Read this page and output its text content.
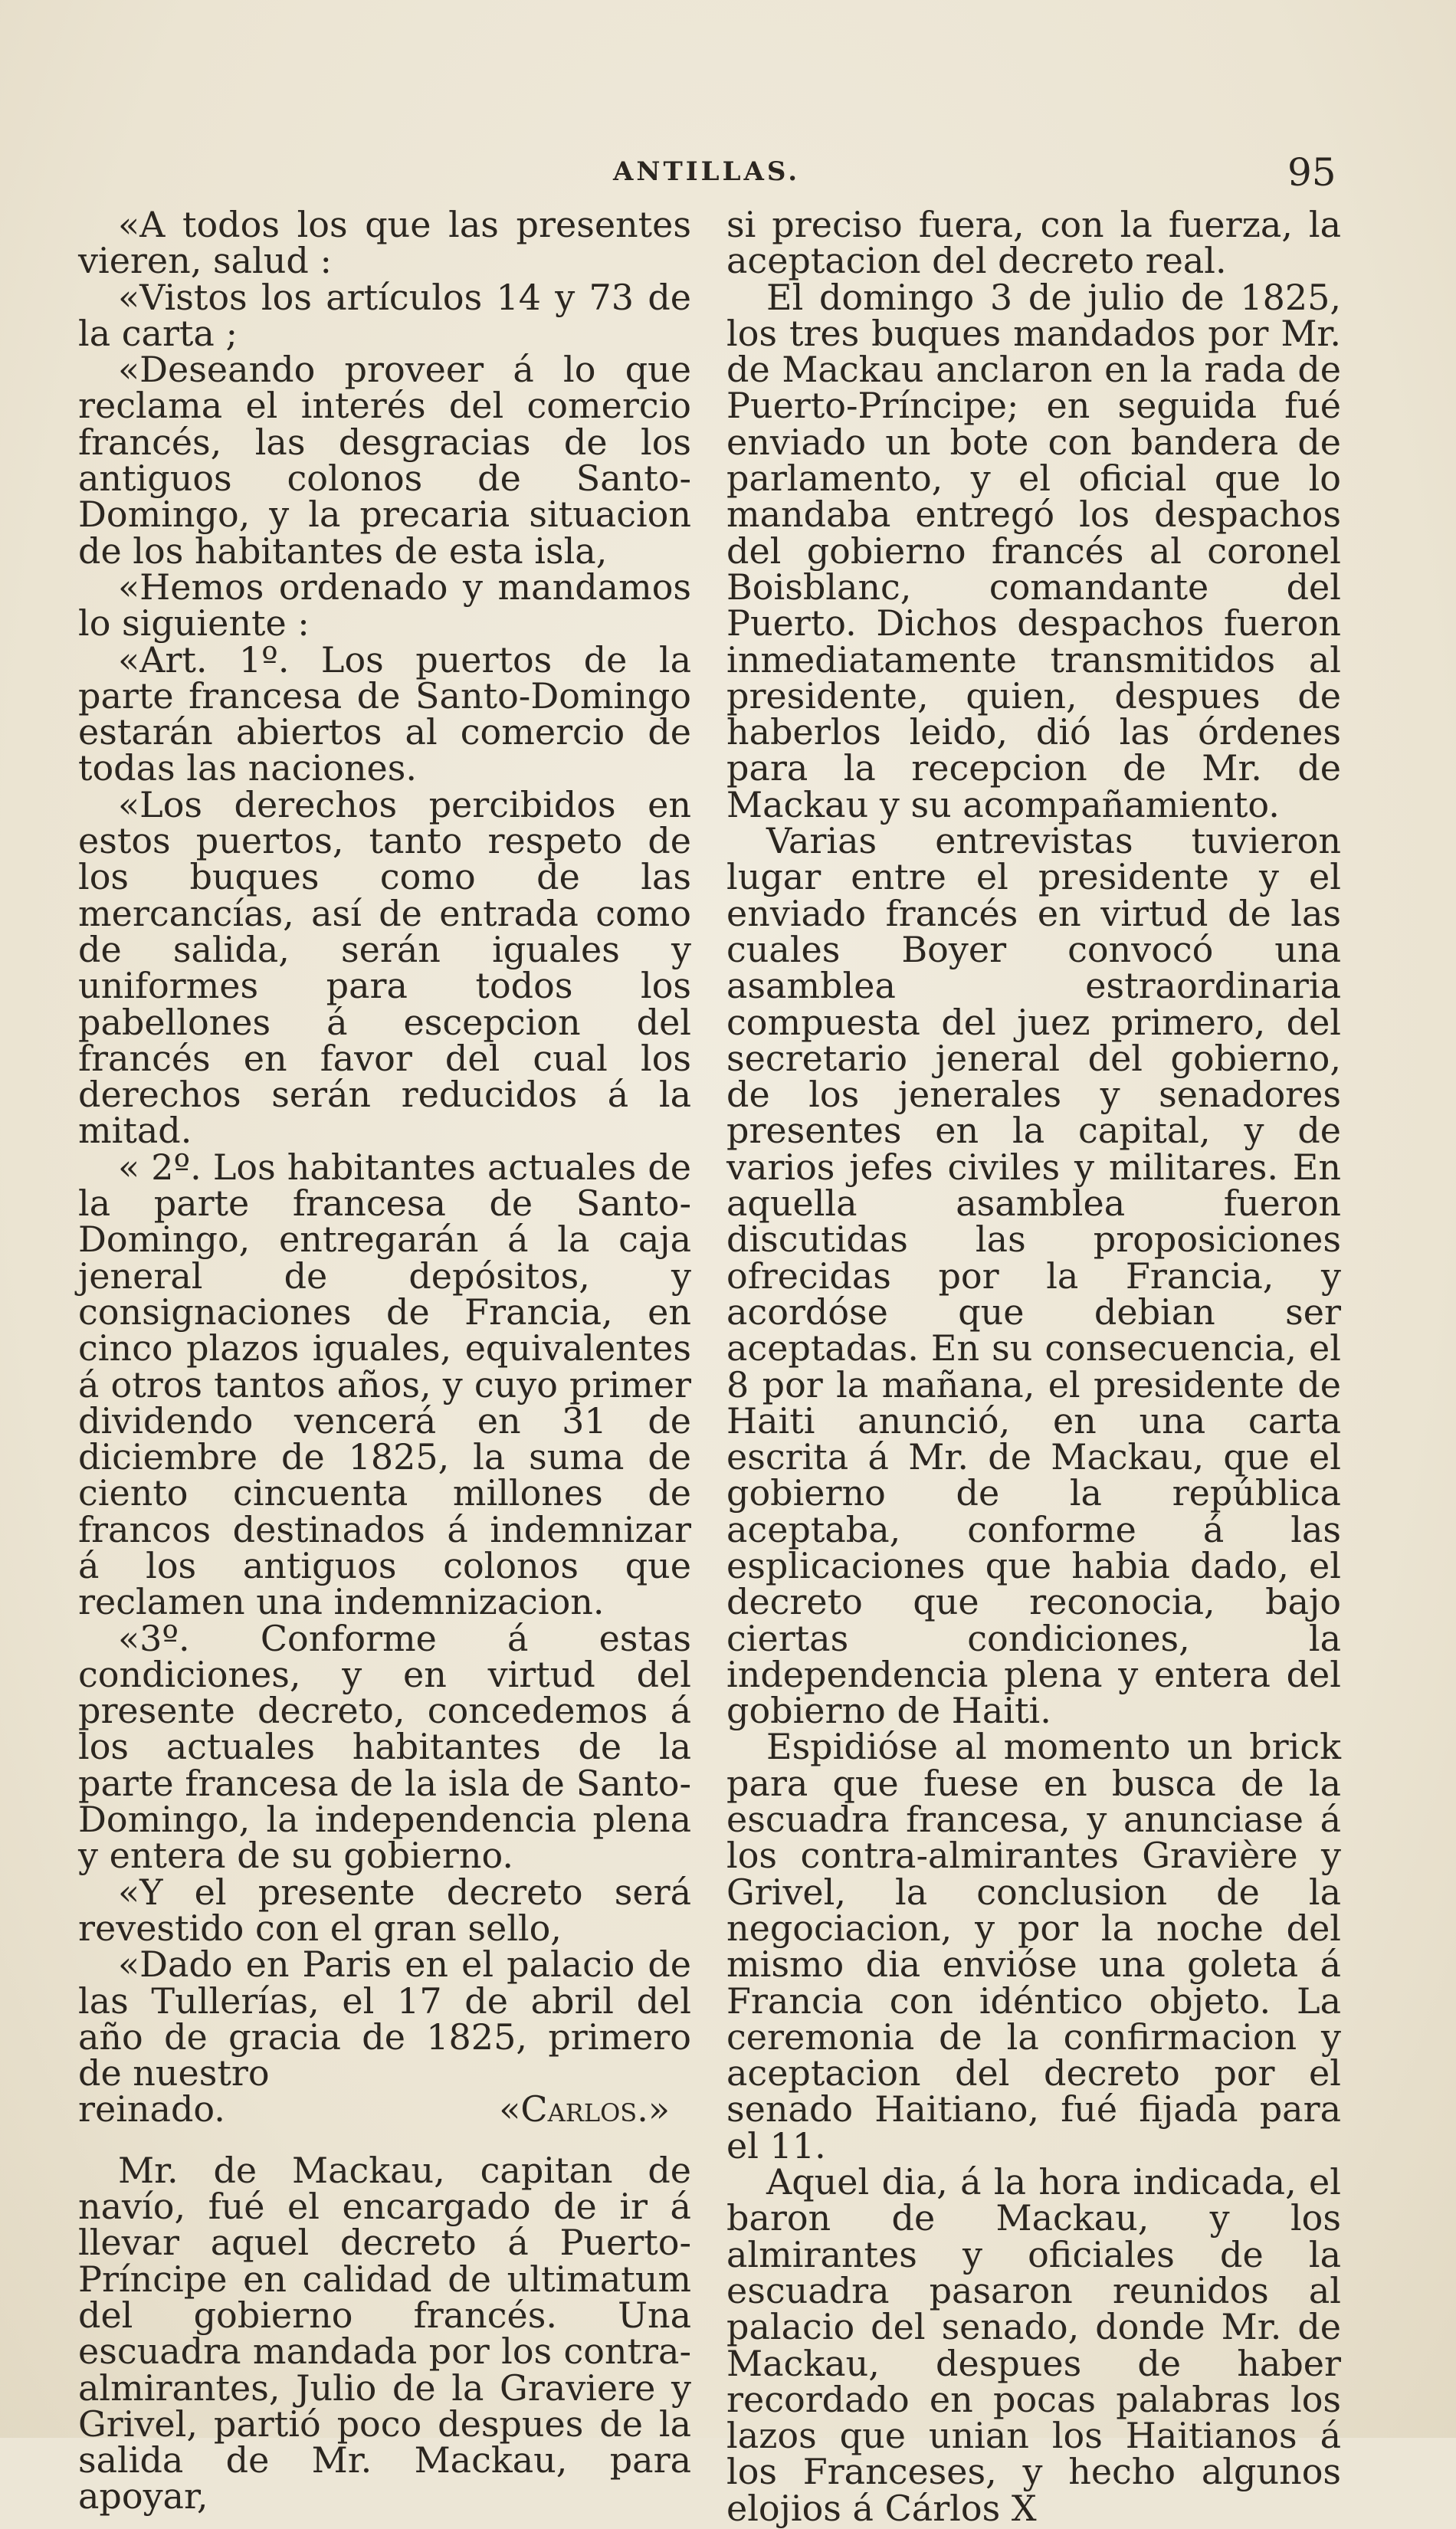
ANTILLAS.	95

«A todos los que las presentes vieren, salud :

«Vistos los artículos 14 y 73 de la carta ;

«Deseando proveer á lo que reclama el interés del comercio francés, las desgracias de los antiguos colonos de Santo-Domingo, y la precaria situacion de los habitantes de esta isla,

«Hemos ordenado y mandamos lo siguiente :

«Art. 1º. Los puertos de la parte francesa de Santo-Domingo estarán abiertos al comercio de todas las naciones.

«Los derechos percibidos en estos puertos, tanto respeto de los buques como de las mercancías, así de entrada como de salida, serán iguales y uniformes para todos los pabellones á escepcion del francés en favor del cual los derechos serán reducidos á la mitad.

« 2º. Los habitantes actuales de la parte francesa de Santo-Domingo, entregarán á la caja jeneral de depósitos, y consignaciones de Francia, en cinco plazos iguales, equivalentes á otros tantos años, y cuyo primer dividendo vencerá en 31 de diciembre de 1825, la suma de ciento cincuenta millones de francos destinados á indemnizar á los antiguos colonos que reclamen una indemnizacion.

«3º. Conforme á estas condiciones, y en virtud del presente decreto, concedemos á los actuales habitantes de la parte francesa de la isla de Santo-Domingo, la independencia plena y entera de su gobierno.

«Y el presente decreto será revestido con el gran sello,

«Dado en Paris en el palacio de las Tullerías, el 17 de abril del año de gracia de 1825, primero de nuestro

reinado.	«Carlos.»

Mr. de Mackau, capitan de navío, fué el encargado de ir á llevar aquel decreto á Puerto-Príncipe en calidad de ultimatum del gobierno francés. Una escuadra mandada por los contra-almirantes, Julio de la Graviere y Grivel, partió poco despues de la salida de Mr. Mackau, para apoyar,

si preciso fuera, con la fuerza, la aceptacion del decreto real.

El domingo 3 de julio de 1825, los tres buques mandados por Mr. de Mackau anclaron en la rada de Puerto-Príncipe; en seguida fué enviado un bote con bandera de parlamento, y el oficial que lo mandaba entregó los despachos del gobierno francés al coronel Boisblanc, comandante del Puerto. Dichos despachos fueron inmediatamente transmitidos al presidente, quien, despues de haberlos leido, dió las órdenes para la recepcion de Mr. de Mackau y su acompañamiento.

Varias entrevistas tuvieron lugar entre el presidente y el enviado francés en virtud de las cuales Boyer convocó una asamblea estraordinaria compuesta del juez primero, del secretario jeneral del gobierno, de los jenerales y senadores presentes en la capital, y de varios jefes civiles y militares. En aquella asamblea fueron discutidas las proposiciones ofrecidas por la Francia, y acordóse que debian ser aceptadas. En su consecuencia, el 8 por la mañana, el presidente de Haiti anunció, en una carta escrita á Mr. de Mackau, que el gobierno de la república aceptaba, conforme á las esplicaciones que habia dado, el decreto que reconocia, bajo ciertas condiciones, la independencia plena y entera del gobierno de Haiti.

Espidióse al momento un brick para que fuese en busca de la escuadra francesa, y anunciase á los contra-almirantes Gravière y Grivel, la conclusion de la negociacion, y por la noche del mismo dia envióse una goleta á Francia con idéntico objeto. La ceremonia de la confirmacion y aceptacion del decreto por el senado Haitiano, fué fijada para el 11.

Aquel dia, á la hora indicada, el baron de Mackau, y los almirantes y oficiales de la escuadra pasaron reunidos al palacio del senado, donde Mr. de Mackau, despues de haber recordado en pocas palabras los lazos que unian los Haitianos á los Franceses, y hecho algunos elojios á Cárlos X
